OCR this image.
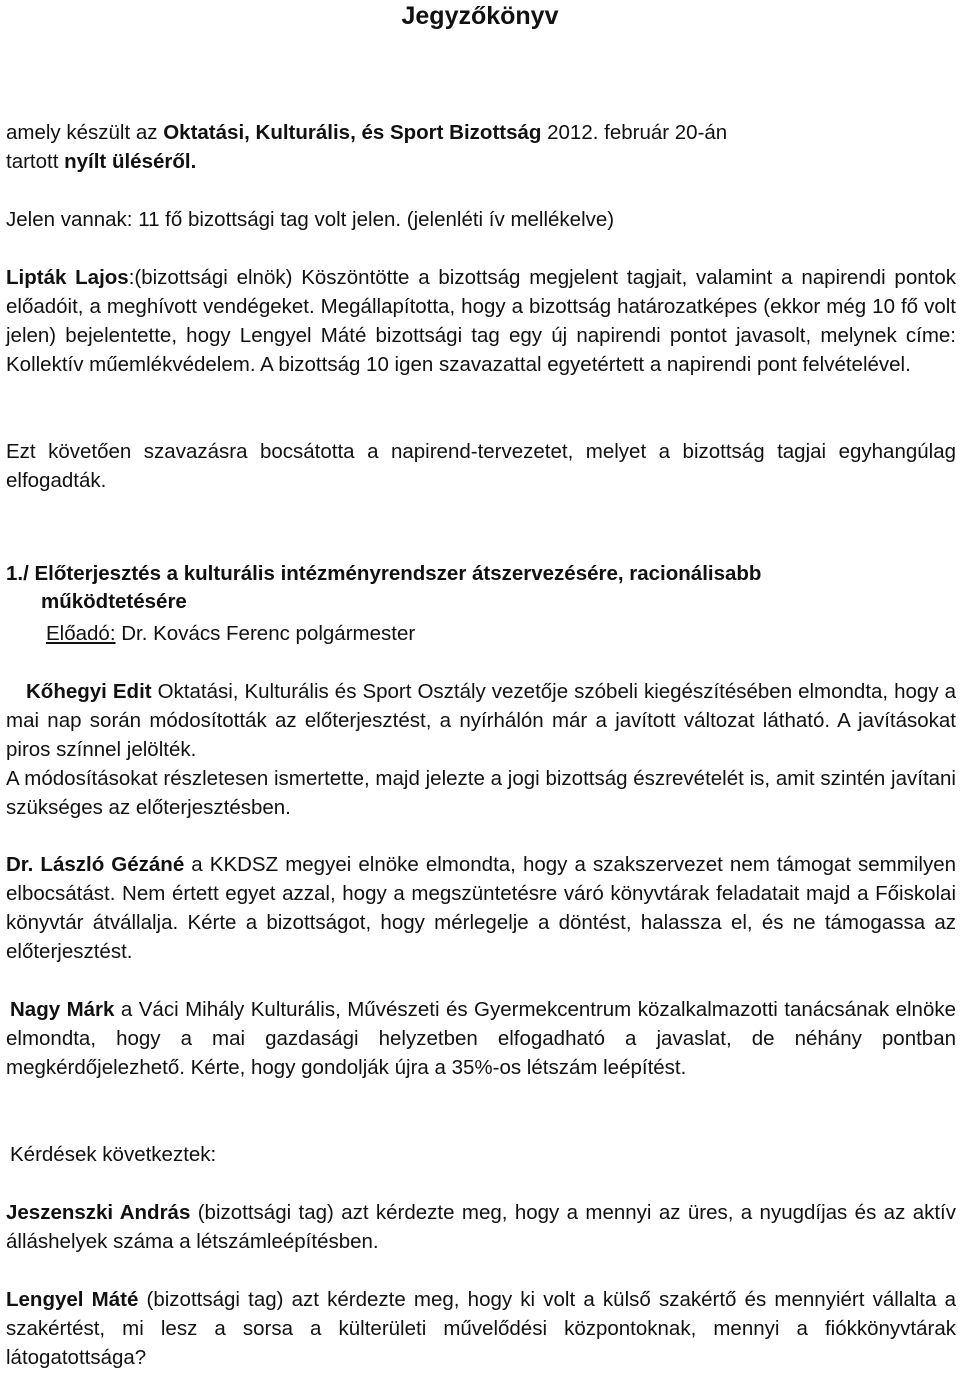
Jegyzőkönyv

amely készült az Oktatási, Kulturális, és Sport Bizottság 2012. február 20-án
tartott nyílt üléséről.

Jelen vannak: 11 fő bizottsági tag volt jelen. (jelenléti ív mellékelve)

Lipták Lajos:(bizottsági elnök) Köszöntötte a bizottság megjelent tagjait, valamint a napirendi pontok előadóit, a meghívott vendégeket. Megállapította, hogy a bizottság határozatképes (ekkor még 10 fő volt jelen) bejelentette, hogy Lengyel Máté bizottsági tag egy új napirendi pontot javasolt, melynek címe: Kollektív műemlékvédelem. A bizottság 10 igen szavazattal egyetértett a napirendi pont felvételével.

Ezt követően szavazásra bocsátotta a napirend-tervezetet, melyet a bizottság tagjai egyhangúlag elfogadták.

1./ Előterjesztés a kulturális intézményrendszer átszervezésére, racionálisabb
működtetésére
Előadó: Dr. Kovács Ferenc polgármester

Kőhegyi Edit Oktatási, Kulturális és Sport Osztály vezetője szóbeli kiegészítésében elmondta, hogy a mai nap során módosították az előterjesztést, a nyírhálón már a javított változat látható. A javításokat piros színnel jelölték.

A módosításokat részletesen ismertette, majd jelezte a jogi bizottság észrevételét is, amit szintén javítani szükséges az előterjesztésben.

Dr. László Gézáné a KKDSZ megyei elnöke elmondta, hogy a szakszervezet nem támogat semmilyen elbocsátást. Nem értett egyet azzal, hogy a megszüntetésre váró könyvtárak feladatait majd a Főiskolai könyvtár átvállalja. Kérte a bizottságot, hogy mérlegelje a döntést, halassza el, és ne támogassa az előterjesztést.

Nagy Márk a Váci Mihály Kulturális, Művészeti és Gyermekcentrum közalkalmazotti tanácsának elnöke elmondta, hogy a mai gazdasági helyzetben elfogadható a javaslat, de néhány pontban megkérdőjelezhető. Kérte, hogy gondolják újra a 35%-os létszám leépítést.

Kérdések következtek:

Jeszenszki András (bizottsági tag) azt kérdezte meg, hogy a mennyi az üres, a nyugdíjas és az aktív álláshelyek száma a létszámleépítésben.

Lengyel Máté (bizottsági tag) azt kérdezte meg, hogy ki volt a külső szakértő és mennyiért vállalta a szakértést, mi lesz a sorsa a külterületi művelődési központoknak, mennyi a fiókkönyvtárak látogatottsága?
